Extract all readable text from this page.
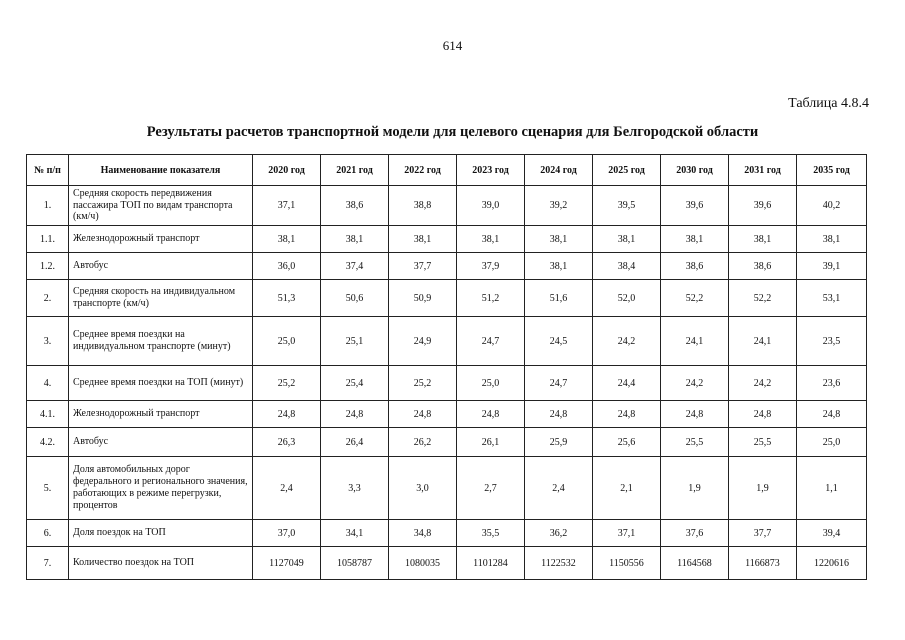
614
Таблица 4.8.4
Результаты расчетов транспортной модели для целевого сценария для Белгородской области
№ п/п	Наименование показателя	2020 год	2021 год	2022 год	2023 год	2024 год	2025 год	2030 год	2031 год	2035 год
1.	Средняя скорость передвижения пассажира ТОП по видам транспорта (км/ч)	37,1	38,6	38,8	39,0	39,2	39,5	39,6	39,6	40,2
1.1.	Железнодорожный транспорт	38,1	38,1	38,1	38,1	38,1	38,1	38,1	38,1	38,1
1.2.	Автобус	36,0	37,4	37,7	37,9	38,1	38,4	38,6	38,6	39,1
2.	Средняя скорость на индивидуальном транспорте (км/ч)	51,3	50,6	50,9	51,2	51,6	52,0	52,2	52,2	53,1
3.	Среднее время поездки на индивидуальном транспорте (минут)	25,0	25,1	24,9	24,7	24,5	24,2	24,1	24,1	23,5
4.	Среднее время поездки на ТОП (минут)	25,2	25,4	25,2	25,0	24,7	24,4	24,2	24,2	23,6
4.1.	Железнодорожный транспорт	24,8	24,8	24,8	24,8	24,8	24,8	24,8	24,8	24,8
4.2.	Автобус	26,3	26,4	26,2	26,1	25,9	25,6	25,5	25,5	25,0
5.	Доля автомобильных дорог федерального и регионального значения, работающих в режиме перегрузки, процентов	2,4	3,3	3,0	2,7	2,4	2,1	1,9	1,9	1,1
6.	Доля поездок на ТОП	37,0	34,1	34,8	35,5	36,2	37,1	37,6	37,7	39,4
7.	Количество поездок на ТОП	1127049	1058787	1080035	1101284	1122532	1150556	1164568	1166873	1220616
